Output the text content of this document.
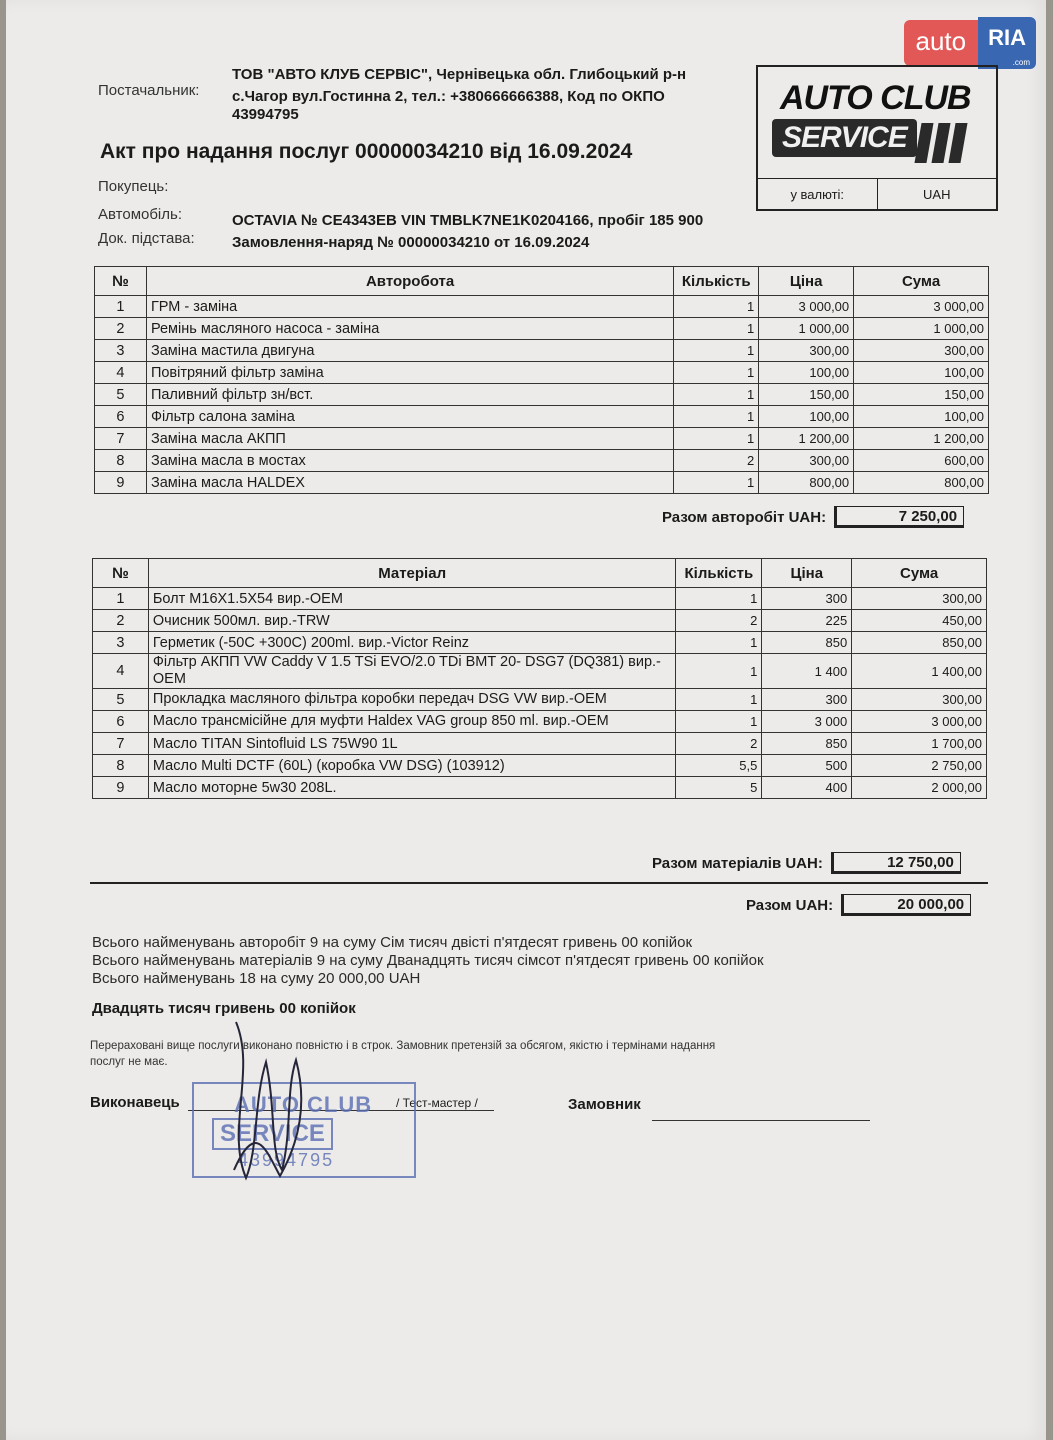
auto	RIA
.com
Постачальник:
ТОВ "АВТО КЛУБ СЕРВІС", Чернівецька обл. Глибоцький р-н
с.Чагор вул.Гостинна 2, тел.: +380666666388, Код по ОКПО
43994795	AUTO CLUB
SERVICE
у валюті:	UAH
Акт про надання послуг 00000034210 від 16.09.2024
Покупець:
Автомобіль:	OCTAVIA № CE4343EB VIN TMBLK7NE1K0204166, пробіг 185 900
Док. підстава: Замовлення-наряд № 00000034210 от 16.09.2024
№	Авторобота	Кількість	Ціна	Сума
1	ГРМ - заміна	1	3 000,00	3 000,00
2	Ремінь масляного насоса - заміна	1	1 000,00	1 000,00
3	Заміна мастила двигуна	1	300,00	300,00
4	Повітряний фільтр заміна	1	100,00	100,00
5	Паливний фільтр зн/вст.	1	150,00	150,00
6	Фільтр салона заміна	1	100,00	100,00
7	Заміна масла АКПП	1	1 200,00	1 200,00
8	Заміна масла в мостах	2	300,00	600,00
9	Заміна масла HALDEX	1	800,00	800,00
Разом авторобіт UAH:	7 250,00
№	Матеріал	Кількість	Ціна	Сума
1	Болт M16X1.5X54 вир.-OEM	1	300	300,00
2	Очисник 500мл. вир.-TRW	2	225	450,00
3	Герметик (-50С +300С) 200ml. вир.-Victor Reinz	1	850	850,00
4	Фільтр АКПП VW Caddy V 1.5 TSi EVO/2.0 TDi BMT 20- DSG7 (DQ381) вир.-OEM	1	1 400	1 400,00
5	Прокладка масляного фільтра коробки передач DSG VW вир.-OEM	1	300	300,00
6	Масло трансмісійне для муфти Haldex VAG group 850 ml. вир.-OEM	1	3 000	3 000,00
7	Масло TITAN Sintofluid LS 75W90 1L	2	850	1 700,00
8	Масло Multi DCTF (60L) (коробка VW DSG) (103912)	5,5	500	2 750,00
9	Масло моторне 5w30 208L.	5	400	2 000,00
Разом матеріалів UAH:	12 750,00
Разом UAH:	20 000,00
Всього найменувань авторобіт 9 на суму Сім тисяч двісті п'ятдесят гривень 00 копійок
Всього найменувань матеріалів 9 на суму Дванадцять тисяч сімсот п'ятдесят гривень 00 копійок
Всього найменувань 18 на суму 20 000,00 UAH
Двадцять тисяч гривень 00 копійок
Перераховані вище послуги виконано повністю і в строк. Замовник претензій за обсягом, якістю і термінами надання
послуг не має.
Виконавець	/ Тест-мастер /	Замовник
AUTO CLUB
SERVICE
43994795
